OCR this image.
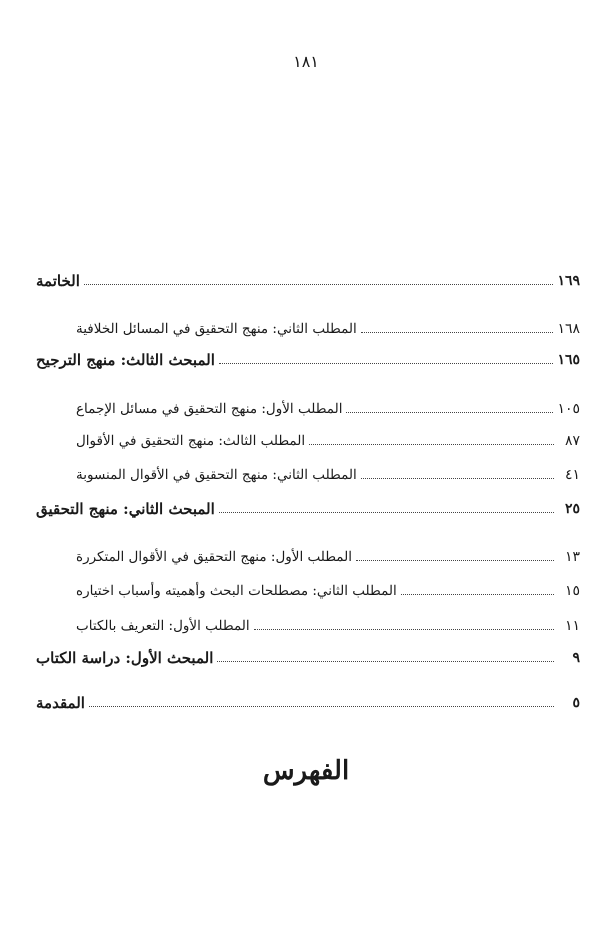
١٨١
الخاتمة	١٦٩
المطلب الثاني: منهج التحقيق في المسائل الخلافية	١٦٨
المبحث الثالث: منهج الترجيح	١٦٥
المطلب الأول: منهج التحقيق في مسائل الإجماع	١٠٥
المطلب الثالث: منهج التحقيق في الأقوال	٨٧
المطلب الثاني: منهج التحقيق في الأقوال المنسوبة	٤١
المبحث الثاني: منهج التحقيق	٢٥
المطلب الأول: منهج التحقيق في الأقوال المتكررة	١٣
المطلب الثاني: مصطلحات البحث وأهميته وأسباب اختياره	١٥
المطلب الأول: التعريف بالكتاب	١١
المبحث الأول: دراسة الكتاب	٩
المقدمة	٥
الفهرس
